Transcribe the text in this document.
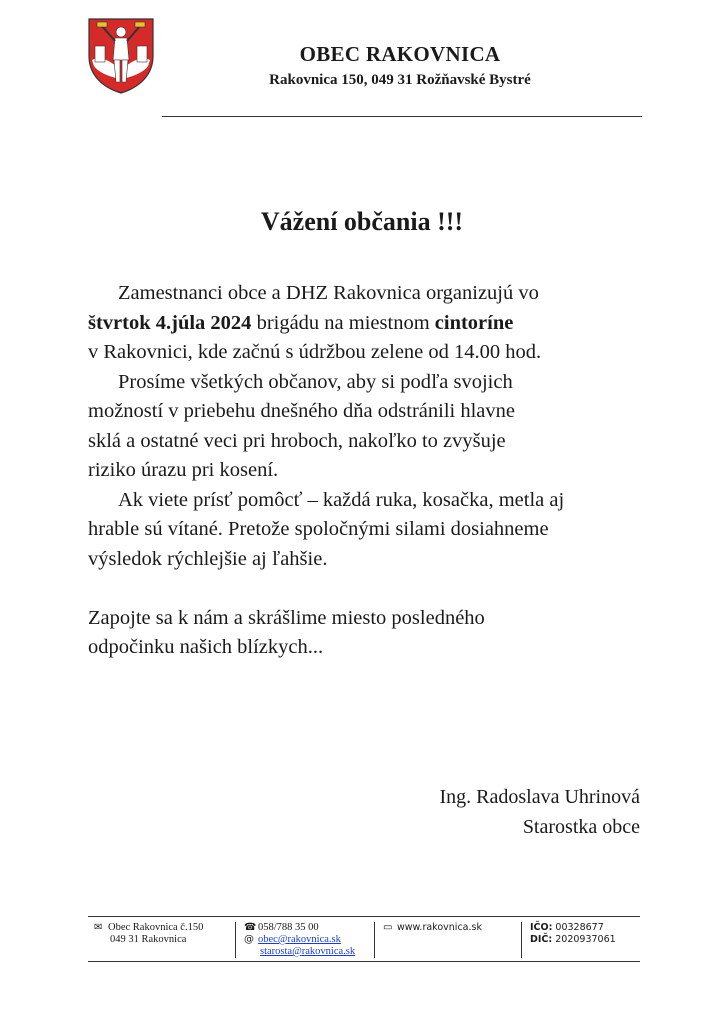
OBEC RAKOVNICA
Rakovnica 150, 049 31 Rožňavské Bystré
Vážení občania !!!

Zamestnanci obce a DHZ Rakovnica organizujú vo
štvrtok 4.júla 2024 brigádu na miestnom cintoríne
v Rakovnici, kde začnú s údržbou zelene od 14.00 hod.

Prosíme všetkých občanov, aby si podľa svojich
možností v priebehu dnešného dňa odstránili hlavne
sklá a ostatné veci pri hroboch, nakoľko to zvyšuje
riziko úrazu pri kosení.

Ak viete prísť pomôcť – každá ruka, kosačka, metla aj
hrable sú vítané. Pretože spoločnými silami dosiahneme
výsledok rýchlejšie aj ľahšie.

Zapojte sa k nám a skrášlime miesto posledného
odpočinku našich blízkych...

Ing. Radoslava Uhrinová
Starostka obce
✉ Obec Rakovnica č.150
049 31 Rakovnica
☎ 058/788 35 00
@ obec@rakovnica.sk
starosta@rakovnica.sk
▭ www.rakovnica.sk	IČO: 00328677
DIČ: 2020937061
